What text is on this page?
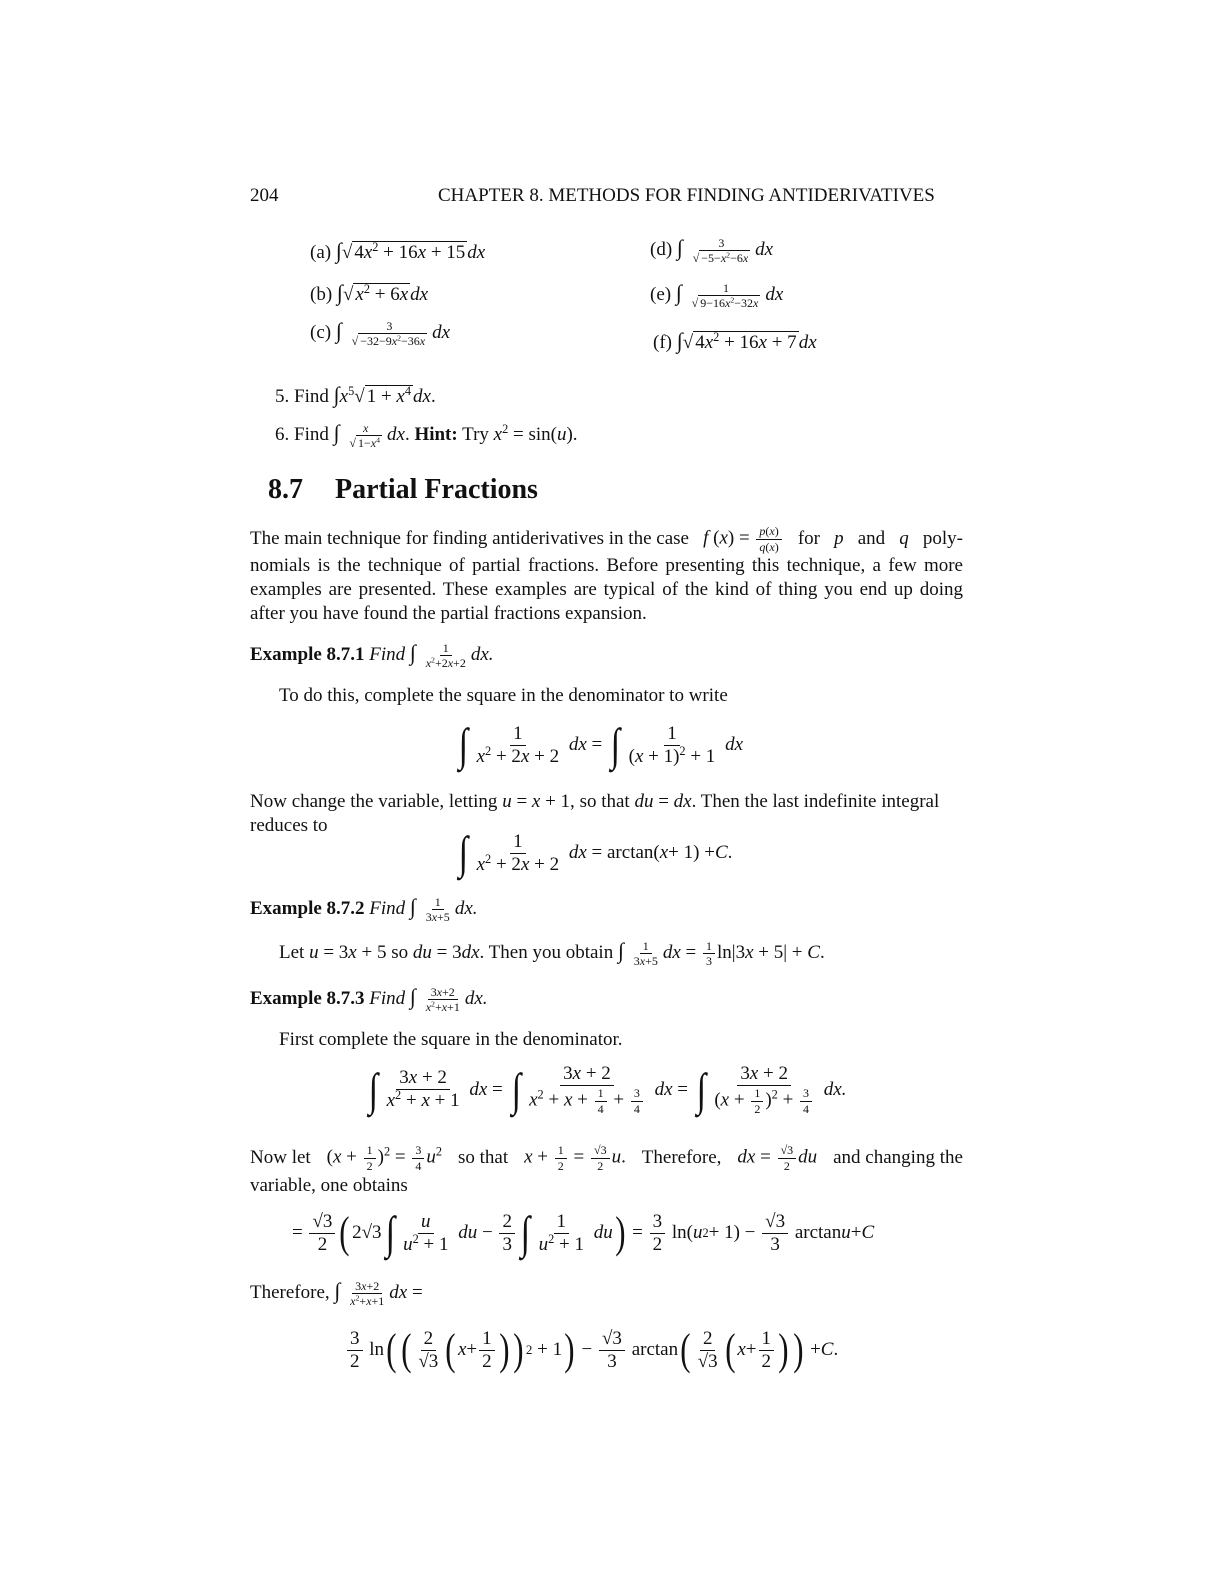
204	CHAPTER 8. METHODS FOR FINDING ANTIDERIVATIVES
(a) ∫√ $4x^2 + 16x + 15$ dx
(b) ∫√ $x^2 + 6x$ dx
(c) ∫ $\frac{3}{√ -32-9x^2-36x}$ dx
(d) ∫ $\frac{3}{√ -5-x^2-6x}$ dx
(e) ∫ $\frac{1}{√ 9-16x^2-32x}$ dx
(f) ∫√ $4x^2 + 16x + 7$ dx
5. Find $\int x^5√$ $1 + x^4$ dx.
6. Find ∫ $\frac{x}{√ 1-x^4}$ dx. Hint: Try $x^2 = \sin(u)$.
8.7 Partial Fractions
The main technique for finding antiderivatives in the case f $(x) = \frac{p(x)}{q(x)}$ for p and q poly-

nomials is the technique of partial fractions. Before presenting this technique, a few more examples are presented. These examples are typical of the kind of thing you end up doing after you have found the partial fractions expansion.

Example 8.7.1 Find ∫ $\frac{1}{x^2+2x+2}$ dx.
To do this, complete the square in the denominator to write
∫ $\frac{1}{x^2 + 2x + 2}$ dx = ∫ $\frac{1}{(x + 1)^2 + 1}$ dx
Now change the variable, letting u = x + 1, so that du = dx. Then the last indefinite integral reduces to
∫ $\frac{1}{x^2 + 2x + 2}$ dx = arctan( x + 1) + C .
Example 8.7.2 Find ∫ $\frac{1}{3x+5}$ dx.
Let u = 3x + 5 so du = 3dx. Then you obtain ∫ $\frac{1}{3x+5}$ dx = $\frac{1}{3} \ln|3x + 5| + C$.
Example 8.7.3 Find ∫ $\frac{3x+2}{x^2+x+1}$ dx.
First complete the square in the denominator.
∫ $\frac{3x + 2}{x^2 + x + 1}$ dx = ∫ $\frac{3x + 2}{x^2 + x + \frac{1}{4} + \frac{3}{4}}$ dx = ∫ $\frac{3x + 2}{(x + \frac{1}{2} )^2 + \frac{3}{4}}$ dx.
Now let $(x + \frac{1}{2} )^2 = \frac{3}{4} u^2$ so that $x + \frac{1}{2} = \frac{√3}{2} u$. Therefore, dx = $\frac{√3}{2}$ du and changing the

variable, one obtains

= $\frac{√3}{2}$ ( 2√3 ∫ $\frac{u}{u^2 + 1}$ du − $\frac{2}{3}$ ∫ $\frac{1}{u^2 + 1}$ du ) = $\frac{3}{2} \ln$( u $2 + 1) - \frac{√3}{3}$ arctan u + C
Therefore, ∫ $\frac{3x+2}{x^2+x+1}$ dx =
$\frac{3}{2}$ ln ( ( $\frac{2}{√3}$ ( $x + \frac{1}{2}$ ) ) 2 + 1 ) − $\frac{√3}{3}$ arctan ( $\frac{2}{√3}$ ( $x + \frac{1}{2}$ ) ) + C .
